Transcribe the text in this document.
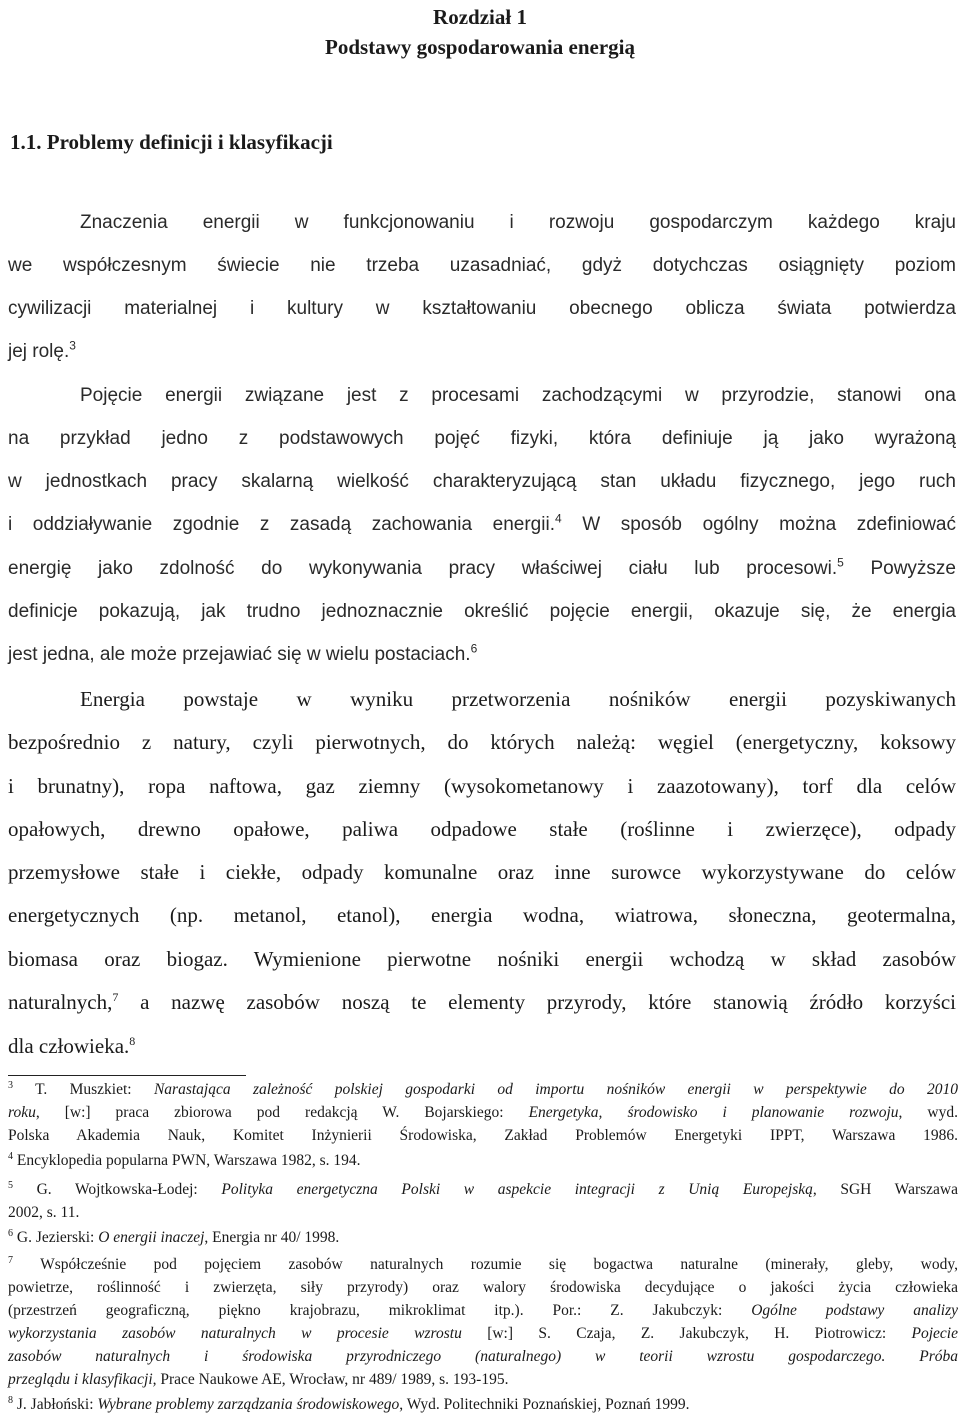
Rozdział 1
Podstawy gospodarowania energią
1.1. Problemy definicji i klasyfikacji
Znaczenia energii w funkcjonowaniu i rozwoju gospodarczym każdego kraju
we współczesnym świecie nie trzeba uzasadniać, gdyż dotychczas osiągnięty poziom
cywilizacji materialnej i kultury w kształtowaniu obecnego oblicza świata potwierdza
jej rolę.$^3$
Pojęcie energii związane jest z procesami zachodzącymi w przyrodzie, stanowi ona
na przykład jedno z podstawowych pojęć fizyki, która definiuje ją jako wyrażoną
w jednostkach pracy skalarną wielkość charakteryzującą stan układu fizycznego, jego ruch
i oddziaływanie zgodnie z zasadą zachowania energii.$^4$ W sposób ogólny można zdefiniować
energię jako zdolność do wykonywania pracy właściwej ciału lub procesowi.$^5$ Powyższe
definicje pokazują, jak trudno jednoznacznie określić pojęcie energii, okazuje się, że energia
jest jedna, ale może przejawiać się w wielu postaciach.$^6$
Energia powstaje w wyniku przetworzenia nośników energii pozyskiwanych
bezpośrednio z natury, czyli pierwotnych, do których należą: węgiel (energetyczny, koksowy
i brunatny), ropa naftowa, gaz ziemny (wysokometanowy i zaazotowany), torf dla celów
opałowych, drewno opałowe, paliwa odpadowe stałe (roślinne i zwierzęce), odpady
przemysłowe stałe i ciekłe, odpady komunalne oraz inne surowce wykorzystywane do celów
energetycznych (np. metanol, etanol), energia wodna, wiatrowa, słoneczna, geotermalna,
biomasa oraz biogaz. Wymienione pierwotne nośniki energii wchodzą w skład zasobów
naturalnych,$^7$ a nazwę zasobów noszą te elementy przyrody, które stanowią źródło korzyści
dla człowieka.$^8$
$^3$ T. Muszkiet: Narastająca zależność polskiej gospodarki od importu nośników energii w perspektywie do 2010
roku, [w:] praca zbiorowa pod redakcją W. Bojarskiego: Energetyka, środowisko i planowanie rozwoju, wyd.
Polska Akademia Nauk, Komitet Inżynierii Środowiska, Zakład Problemów Energetyki IPPT, Warszawa 1986.
$^4$ Encyklopedia popularna PWN, Warszawa 1982, s. 194.
$^5$ G. Wojtkowska-Łodej: Polityka energetyczna Polski w aspekcie integracji z Unią Europejską, SGH Warszawa
2002, s. 11.
$^6$ G. Jezierski: O energii inaczej, Energia nr 40/ 1998.
$^7$ Współcześnie pod pojęciem zasobów naturalnych rozumie się bogactwa naturalne (minerały, gleby, wody,
powietrze, roślinność i zwierzęta, siły przyrody) oraz walory środowiska decydujące o jakości życia człowieka
(przestrzeń geograficzną, piękno krajobrazu, mikroklimat itp.). Por.: Z. Jakubczyk: Ogólne podstawy analizy
wykorzystania zasobów naturalnych w procesie wzrostu [w:] S. Czaja, Z. Jakubczyk, H. Piotrowicz: Pojecie
zasobów naturalnych i środowiska przyrodniczego (naturalnego) w teorii wzrostu gospodarczego. Próba
przeglądu i klasyfikacji, Prace Naukowe AE, Wrocław, nr 489/ 1989, s. 193-195.
$^8$ J. Jabłoński: Wybrane problemy zarządzania środowiskowego, Wyd. Politechniki Poznańskiej, Poznań 1999.
